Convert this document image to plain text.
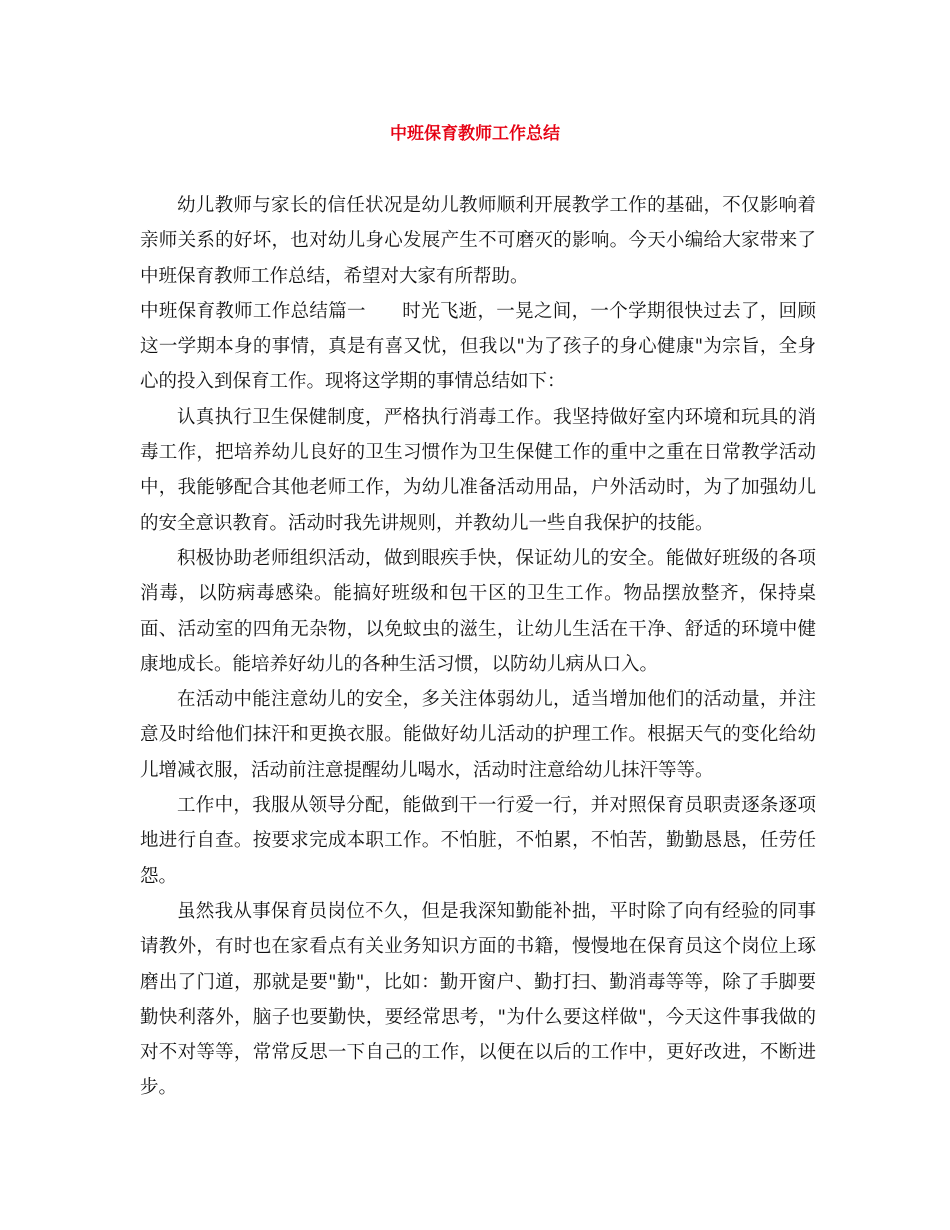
中班保育教师工作总结

幼儿教师与家长的信任状况是幼儿教师顺利开展教学工作的基础，不仅影响着亲师关系的好坏，也对幼儿身心发展产生不可磨灭的影响。今天小编给大家带来了中班保育教师工作总结，希望对大家有所帮助。

中班保育教师工作总结篇一 时光飞逝，一晃之间，一个学期很快过去了，回顾这一学期本身的事情，真是有喜又忧，但我以"为了孩子的身心健康"为宗旨，全身心的投入到保育工作。现将这学期的事情总结如下：

认真执行卫生保健制度，严格执行消毒工作。我坚持做好室内环境和玩具的消毒工作，把培养幼儿良好的卫生习惯作为卫生保健工作的重中之重在日常教学活动中，我能够配合其他老师工作，为幼儿准备活动用品，户外活动时，为了加强幼儿的安全意识教育。活动时我先讲规则，并教幼儿一些自我保护的技能。

积极协助老师组织活动，做到眼疾手快，保证幼儿的安全。能做好班级的各项消毒，以防病毒感染。能搞好班级和包干区的卫生工作。物品摆放整齐，保持桌面、活动室的四角无杂物，以免蚊虫的滋生，让幼儿生活在干净、舒适的环境中健康地成长。能培养好幼儿的各种生活习惯，以防幼儿病从口入。

在活动中能注意幼儿的安全，多关注体弱幼儿，适当增加他们的活动量，并注意及时给他们抹汗和更换衣服。能做好幼儿活动的护理工作。根据天气的变化给幼儿增减衣服，活动前注意提醒幼儿喝水，活动时注意给幼儿抹汗等等。

工作中，我服从领导分配，能做到干一行爱一行，并对照保育员职责逐条逐项地进行自查。按要求完成本职工作。不怕脏，不怕累，不怕苦，勤勤恳恳，任劳任怨。

虽然我从事保育员岗位不久，但是我深知勤能补拙，平时除了向有经验的同事请教外，有时也在家看点有关业务知识方面的书籍，慢慢地在保育员这个岗位上琢磨出了门道，那就是要"勤"，比如：勤开窗户、勤打扫、勤消毒等等，除了手脚要勤快利落外，脑子也要勤快，要经常思考，"为什么要这样做"，今天这件事我做的对不对等等，常常反思一下自己的工作，以便在以后的工作中，更好改进，不断进步。
